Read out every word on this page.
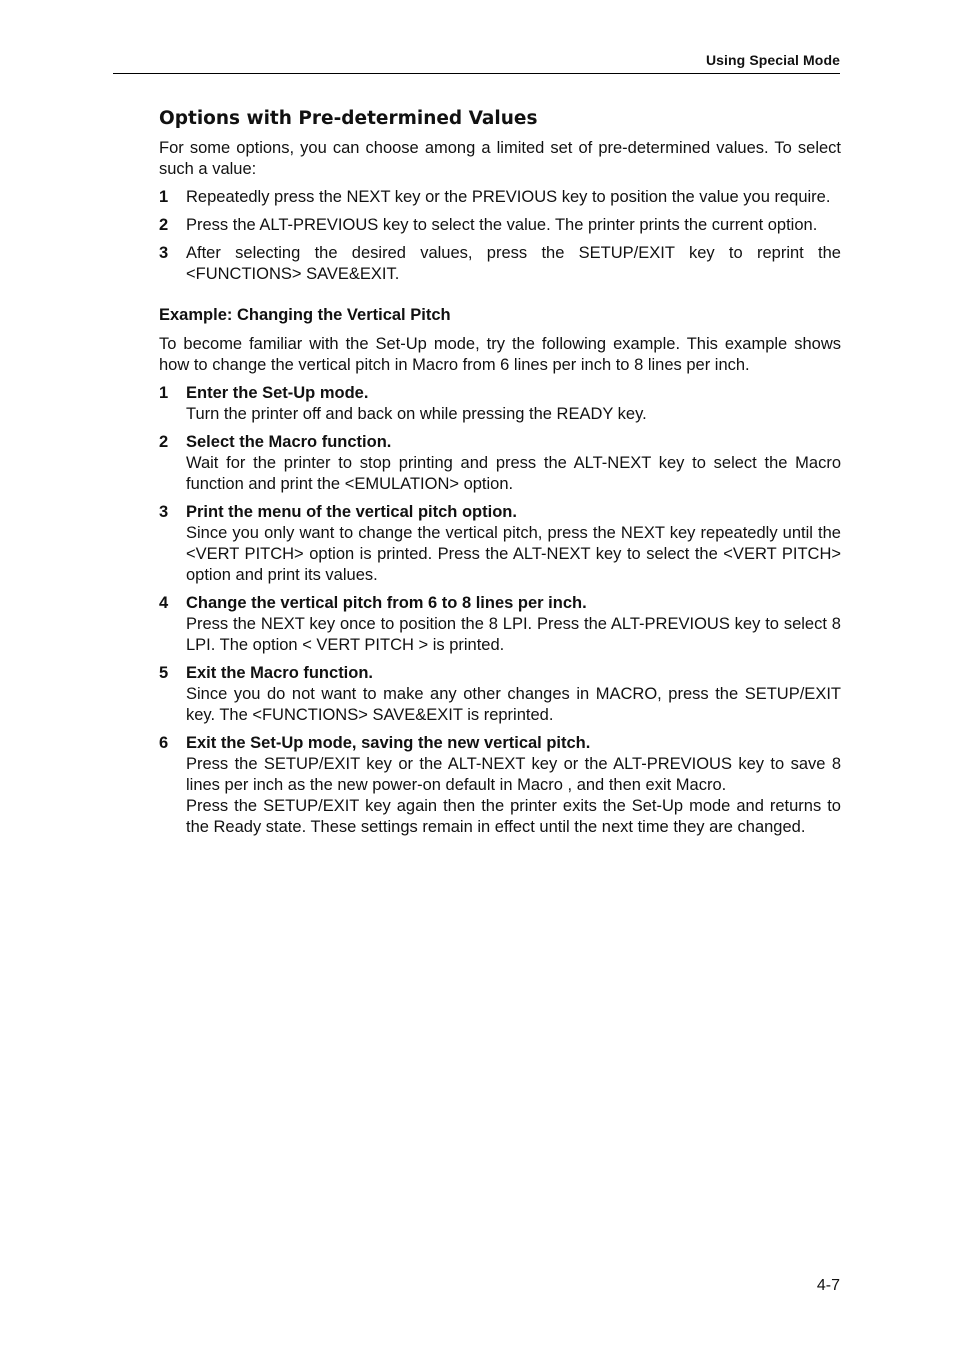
Using Special Mode
Options with Pre-determined Values

For some options, you can choose among a limited set of pre-determined values. To select such a value:

1 Repeatedly press the NEXT key or the PREVIOUS key to position the value you require.
2 Press the ALT-PREVIOUS key to select the value. The printer prints the current option.
3 After selecting the desired values, press the SETUP/EXIT key to reprint the <FUNCTIONS> SAVE&EXIT.
Example: Changing the Vertical Pitch

To become familiar with the Set-Up mode, try the following example. This example shows how to change the vertical pitch in Macro from 6 lines per inch to 8 lines per inch.

1 Enter the Set-Up mode.
Turn the printer off and back on while pressing the READY key.
2 Select the Macro function.
Wait for the printer to stop printing and press the ALT-NEXT key to select the Macro function and print the <EMULATION> option.
3 Print the menu of the vertical pitch option.
Since you only want to change the vertical pitch, press the NEXT key repeatedly until the <VERT PITCH> option is printed. Press the ALT-NEXT key to select the <VERT PITCH> option and print its values.
4 Change the vertical pitch from 6 to 8 lines per inch.
Press the NEXT key once to position the 8 LPI. Press the ALT-PREVIOUS key to select 8 LPI. The option < VERT PITCH > is printed.
5 Exit the Macro function.
Since you do not want to make any other changes in MACRO, press the SETUP/EXIT key. The <FUNCTIONS> SAVE&EXIT is reprinted.
6 Exit the Set-Up mode, saving the new vertical pitch.
Press the SETUP/EXIT key or the ALT-NEXT key or the ALT-PREVIOUS key to save 8 lines per inch as the new power-on default in Macro , and then exit Macro.
Press the SETUP/EXIT key again then the printer exits the Set-Up mode and returns to the Ready state. These settings remain in effect until the next time they are changed.
4-7
